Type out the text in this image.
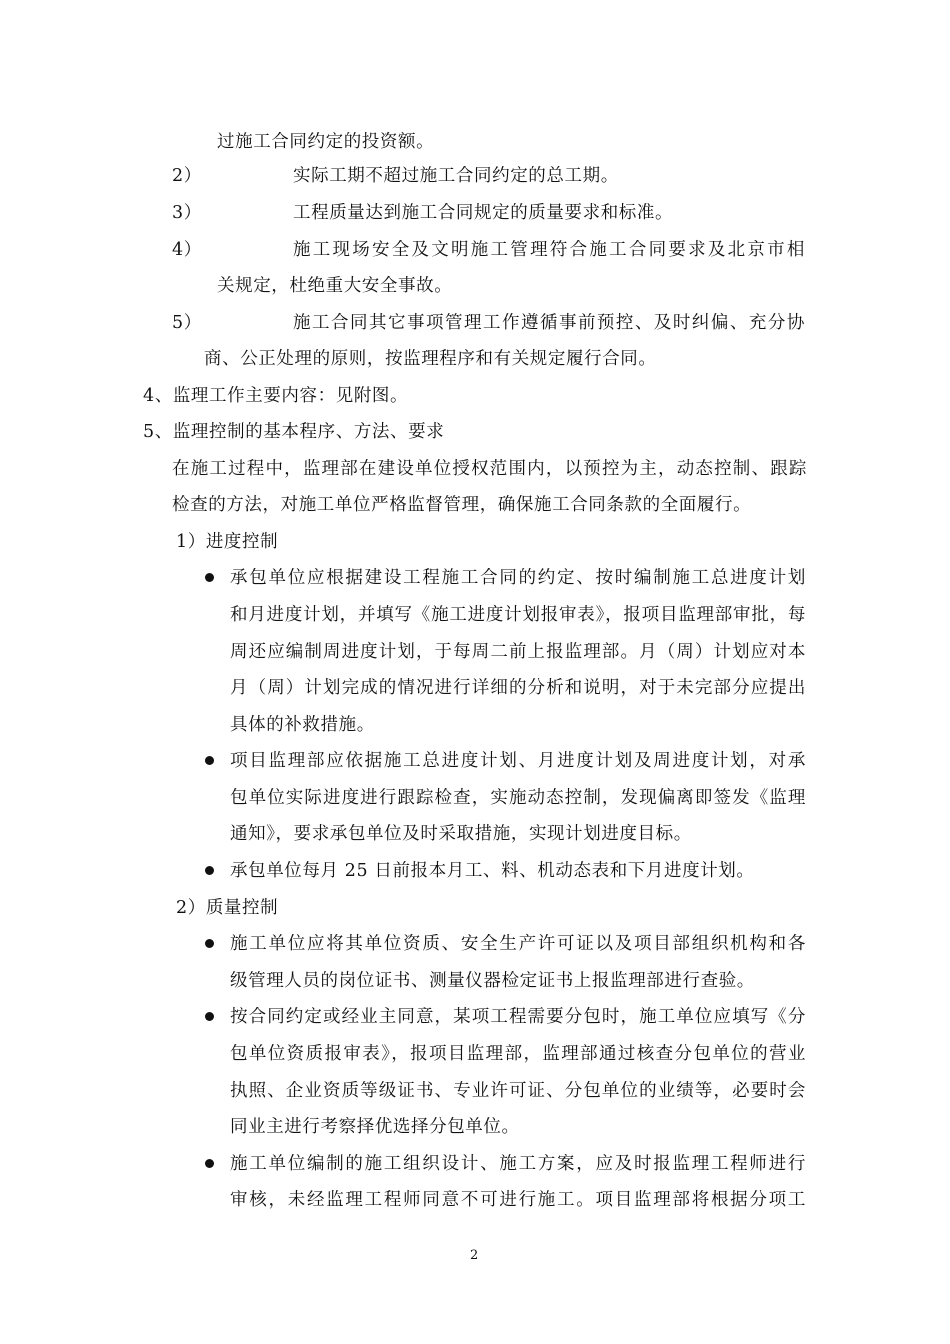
过施工合同约定的投资额。
2）	实际工期不超过施工合同约定的总工期。
3）	工程质量达到施工合同规定的质量要求和标准。
4）	施工现场安全及文明施工管理符合施工合同要求及北京市相
关规定，杜绝重大安全事故。
5）	施工合同其它事项管理工作遵循事前预控、及时纠偏、充分协
商、公正处理的原则，按监理程序和有关规定履行合同。
4、监理工作主要内容：见附图。
5、监理控制的基本程序、方法、要求
在施工过程中，监理部在建设单位授权范围内，以预控为主，动态控制、跟踪
检查的方法，对施工单位严格监督管理，确保施工合同条款的全面履行。
1）进度控制
承包单位应根据建设工程施工合同的约定、按时编制施工总进度计划
和月进度计划，并填写《施工进度计划报审表》，报项目监理部审批，每
周还应编制周进度计划，于每周二前上报监理部。月（周）计划应对本
月（周）计划完成的情况进行详细的分析和说明，对于未完部分应提出
具体的补救措施。
项目监理部应依据施工总进度计划、月进度计划及周进度计划，对承
包单位实际进度进行跟踪检查，实施动态控制，发现偏离即签发《监理
通知》，要求承包单位及时采取措施，实现计划进度目标。
承包单位每月 25 日前报本月工、料、机动态表和下月进度计划。
2）质量控制
施工单位应将其单位资质、安全生产许可证以及项目部组织机构和各
级管理人员的岗位证书、测量仪器检定证书上报监理部进行查验。
按合同约定或经业主同意，某项工程需要分包时，施工单位应填写《分
包单位资质报审表》，报项目监理部，监理部通过核查分包单位的营业
执照、企业资质等级证书、专业许可证、分包单位的业绩等，必要时会
同业主进行考察择优选择分包单位。
施工单位编制的施工组织设计、施工方案，应及时报监理工程师进行
审核，未经监理工程师同意不可进行施工。项目监理部将根据分项工
2
